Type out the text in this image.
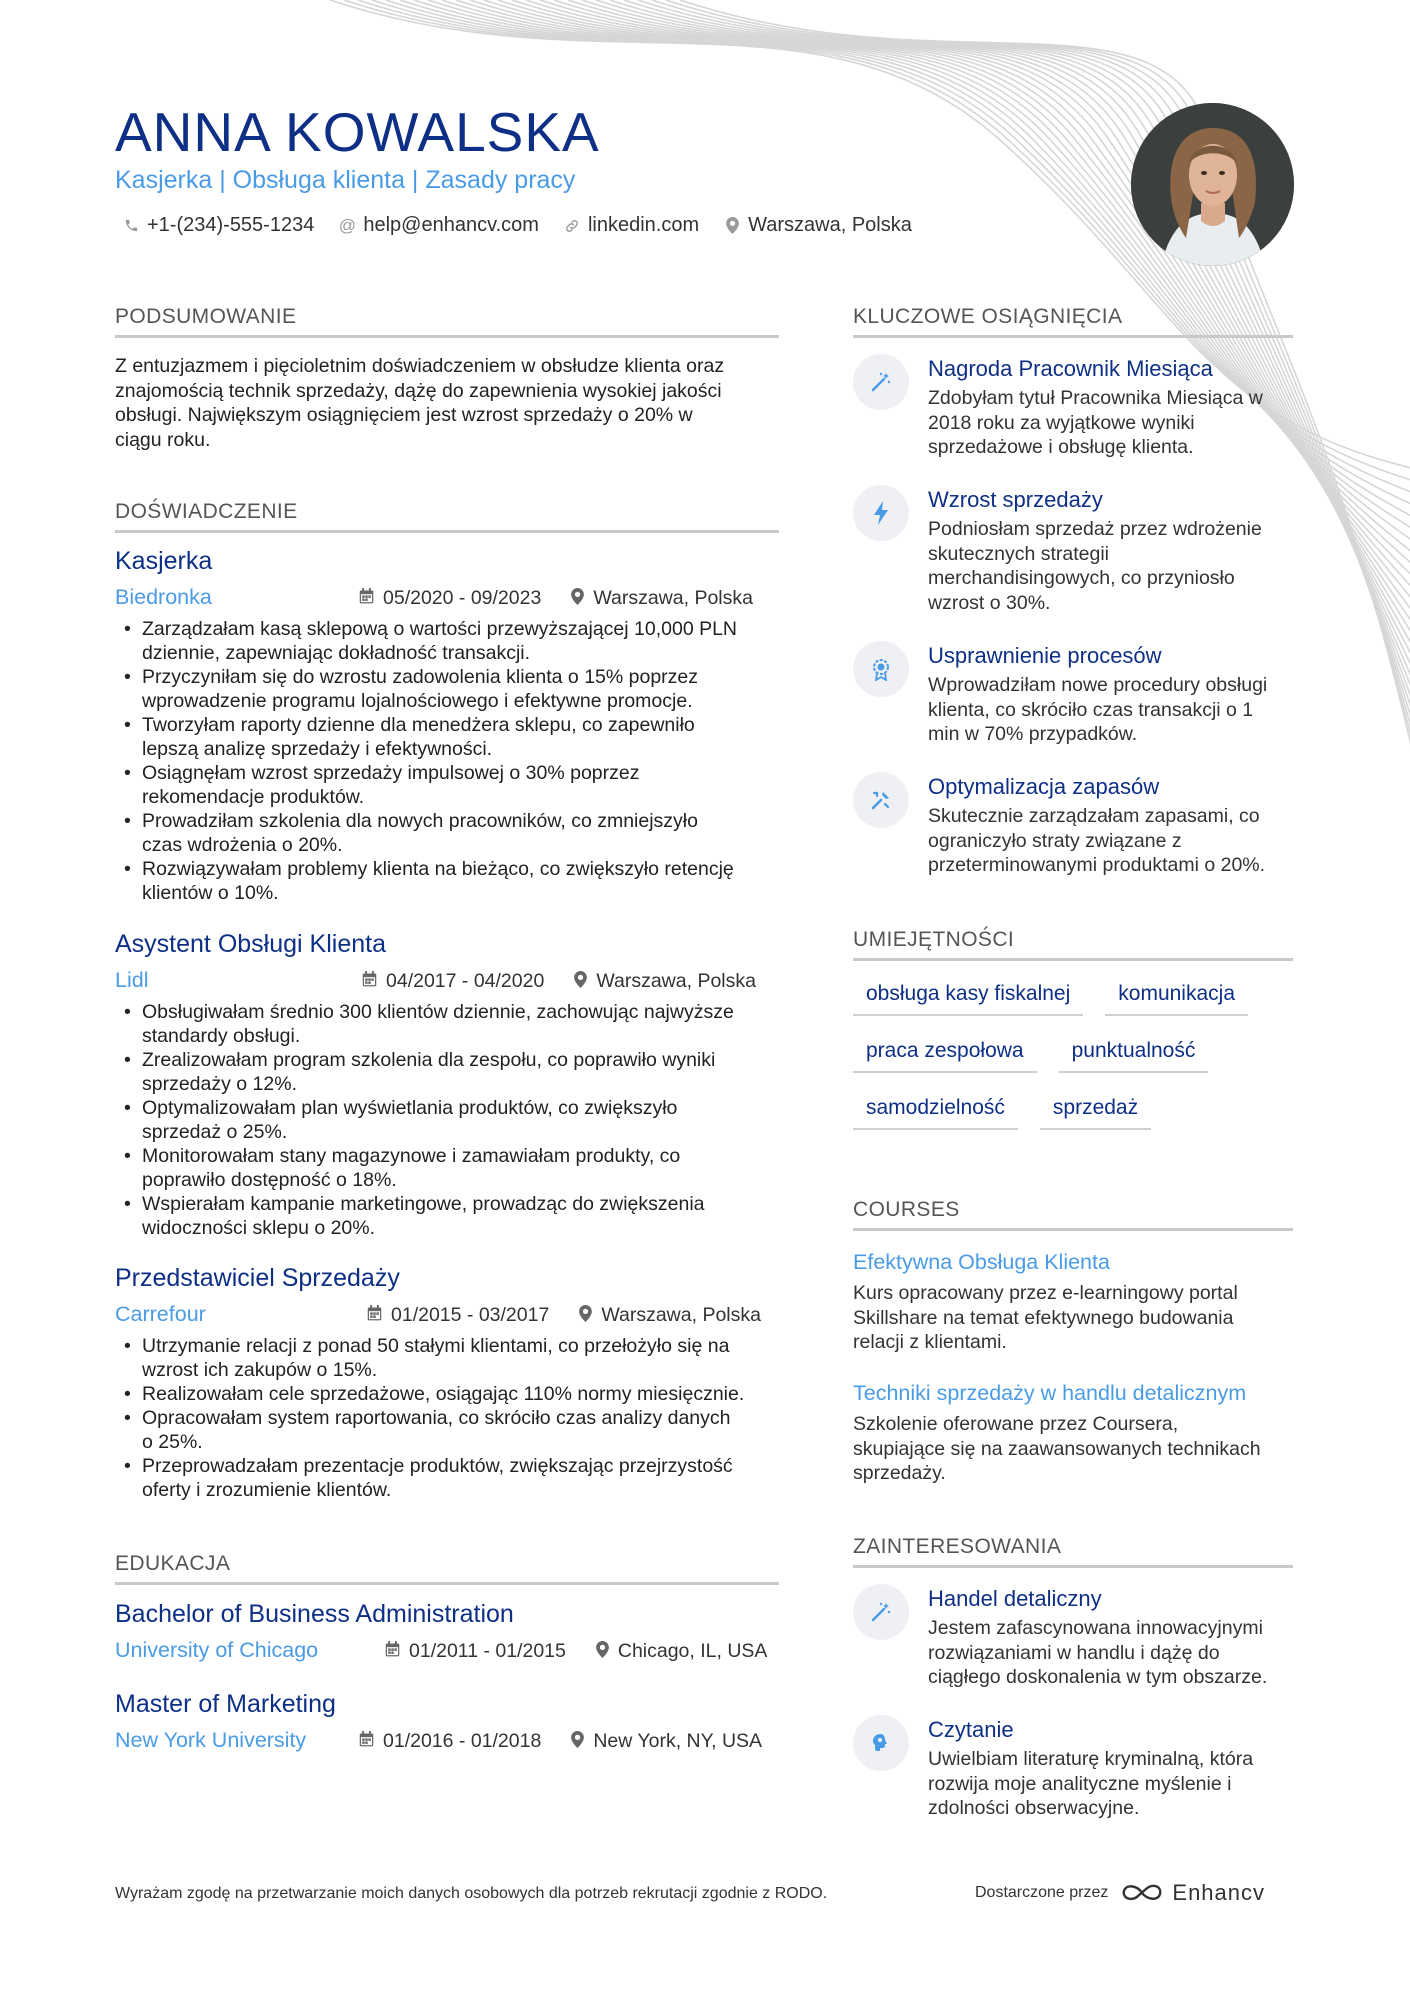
ANNA KOWALSKA
Kasjerka | Obsługa klienta | Zasady pracy
+1-(234)-555-1234 @ help@enhancv.com linkedin.com Warszawa, Polska
PODSUMOWANIE
Z entuzjazmem i pięcioletnim doświadczeniem w obsłudze klienta oraz
znajomością technik sprzedaży, dążę do zapewnienia wysokiej jakości
obsługi. Największym osiągnięciem jest wzrost sprzedaży o 20% w
ciągu roku.
DOŚWIADCZENIE
Kasjerka
Biedronka	05/2020 - 09/2023	Warszawa, Polska
• Zarządzałam kasą sklepową o wartości przewyższającej 10,000 PLN
dziennie, zapewniając dokładność transakcji.
• Przyczyniłam się do wzrostu zadowolenia klienta o 15% poprzez
wprowadzenie programu lojalnościowego i efektywne promocje.
• Tworzyłam raporty dzienne dla menedżera sklepu, co zapewniło
lepszą analizę sprzedaży i efektywności.
• Osiągnęłam wzrost sprzedaży impulsowej o 30% poprzez
rekomendacje produktów.
• Prowadziłam szkolenia dla nowych pracowników, co zmniejszyło
czas wdrożenia o 20%.
• Rozwiązywałam problemy klienta na bieżąco, co zwiększyło retencję
klientów o 10%.
Asystent Obsługi Klienta
Lidl	04/2017 - 04/2020	Warszawa, Polska
• Obsługiwałam średnio 300 klientów dziennie, zachowując najwyższe
standardy obsługi.
• Zrealizowałam program szkolenia dla zespołu, co poprawiło wyniki
sprzedaży o 12%.
• Optymalizowałam plan wyświetlania produktów, co zwiększyło
sprzedaż o 25%.
• Monitorowałam stany magazynowe i zamawiałam produkty, co
poprawiło dostępność o 18%.
• Wspierałam kampanie marketingowe, prowadząc do zwiększenia
widoczności sklepu o 20%.
Przedstawiciel Sprzedaży
Carrefour	01/2015 - 03/2017	Warszawa, Polska
• Utrzymanie relacji z ponad 50 stałymi klientami, co przełożyło się na
wzrost ich zakupów o 15%.
• Realizowałam cele sprzedażowe, osiągając 110% normy miesięcznie.
• Opracowałam system raportowania, co skróciło czas analizy danych
o 25%.
• Przeprowadzałam prezentacje produktów, zwiększając przejrzystość
oferty i zrozumienie klientów.
EDUKACJA
Bachelor of Business Administration
University of Chicago	01/2011 - 01/2015	Chicago, IL, USA
Master of Marketing
New York University	01/2016 - 01/2018	New York, NY, USA
KLUCZOWE OSIĄGNIĘCIA
Nagroda Pracownik Miesiąca
Zdobyłam tytuł Pracownika Miesiąca w
2018 roku za wyjątkowe wyniki
sprzedażowe i obsługę klienta.
Wzrost sprzedaży
Podniosłam sprzedaż przez wdrożenie
skutecznych strategii
merchandisingowych, co przyniosło
wzrost o 30%.
Usprawnienie procesów
Wprowadziłam nowe procedury obsługi
klienta, co skróciło czas transakcji o 1
min w 70% przypadków.
Optymalizacja zapasów
Skutecznie zarządzałam zapasami, co
ograniczyło straty związane z
przeterminowanymi produktami o 20%.
UMIEJĘTNOŚCI
obsługa kasy fiskalnej	komunikacja
praca zespołowa	punktualność
samodzielność	sprzedaż
COURSES
Efektywna Obsługa Klienta
Kurs opracowany przez e-learningowy portal
Skillshare na temat efektywnego budowania
relacji z klientami.
Techniki sprzedaży w handlu detalicznym
Szkolenie oferowane przez Coursera,
skupiające się na zaawansowanych technikach
sprzedaży.
ZAINTERESOWANIA
Handel detaliczny
Jestem zafascynowana innowacyjnymi
rozwiązaniami w handlu i dążę do
ciągłego doskonalenia w tym obszarze.
Czytanie
Uwielbiam literaturę kryminalną, która
rozwija moje analityczne myślenie i
zdolności obserwacyjne.
Wyrażam zgodę na przetwarzanie moich danych osobowych dla potrzeb rekrutacji zgodnie z RODO.	Dostarczone przez	Enhancv
